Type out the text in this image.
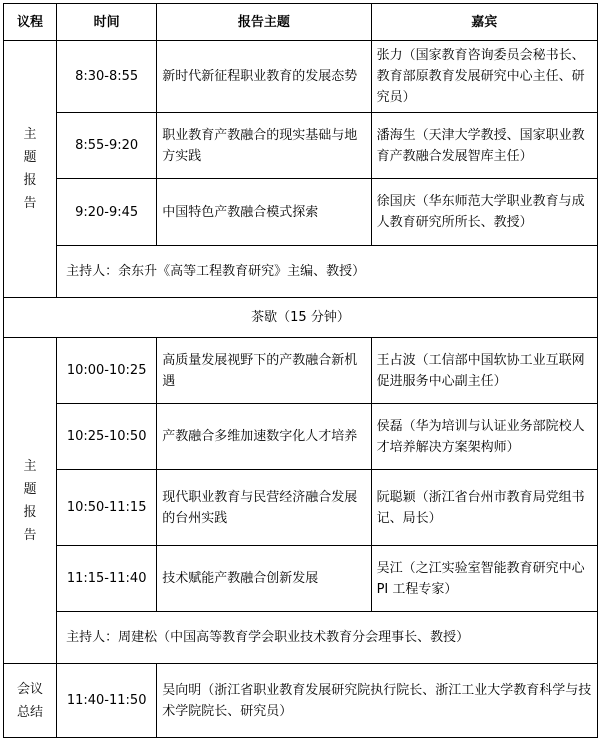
议程	时间	报告主题	嘉宾

主
题
报
告	8:30-8:55	新时代新征程职业教育的发展态势	张力（国家教育咨询委员会秘书长、教育部原教育发展研究中心主任、研究员）
	8:55-9:20	职业教育产教融合的现实基础与地方实践	潘海生（天津大学教授、国家职业教育产教融合发展智库主任）
	9:20-9:45	中国特色产教融合模式探索	徐国庆（华东师范大学职业教育与成人教育研究所所长、教授）
	主持人：余东升《高等工程教育研究》主编、教授）		
茶歇（15 分钟）			

主
题
报
告	10:00-10:25	高质量发展视野下的产教融合新机遇	王占波（工信部中国软协工业互联网促进服务中心副主任）
	10:25-10:50	产教融合多维加速数字化人才培养	侯磊（华为培训与认证业务部院校人才培养解决方案架构师）
	10:50-11:15	现代职业教育与民营经济融合发展的台州实践	阮聪颖（浙江省台州市教育局党组书记、局长）
	11:15-11:40	技术赋能产教融合创新发展	吴江（之江实验室智能教育研究中心 PI 工程专家）
	主持人：周建松（中国高等教育学会职业技术教育分会理事长、教授）		

会议
总结	11:40-11:50	吴向明（浙江省职业教育发展研究院执行院长、浙江工业大学教育科学与技术学院院长、研究员）	
